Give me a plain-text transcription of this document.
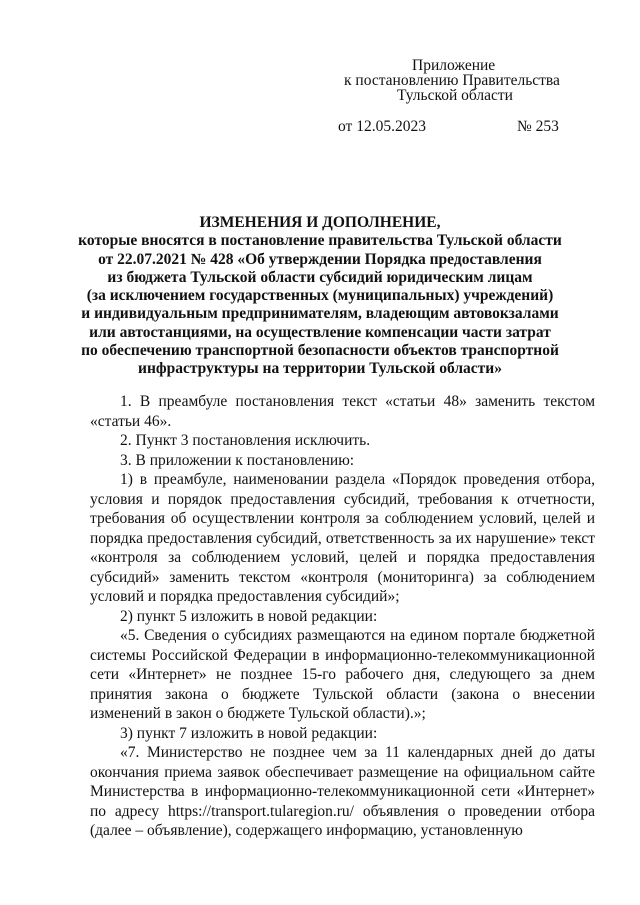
Приложение
к постановлению Правительства
Тульской области
от 12.05.2023	№ 253
ИЗМЕНЕНИЯ И ДОПОЛНЕНИЕ,
которые вносятся в постановление правительства Тульской области
от 22.07.2021 № 428 «Об утверждении Порядка предоставления
из бюджета Тульской области субсидий юридическим лицам
(за исключением государственных (муниципальных) учреждений)
и индивидуальным предпринимателям, владеющим автовокзалами
или автостанциями, на осуществление компенсации части затрат
по обеспечению транспортной безопасности объектов транспортной
инфраструктуры на территории Тульской области»

1. В преамбуле постановления текст «статьи 48» заменить текстом «статьи 46».

2. Пункт 3 постановления исключить.

3. В приложении к постановлению:

1) в преамбуле, наименовании раздела «Порядок проведения отбора, условия и порядок предоставления субсидий, требования к отчетности, требования об осуществлении контроля за соблюдением условий, целей и порядка предоставления субсидий, ответственность за их нарушение» текст «контроля за соблюдением условий, целей и порядка предоставления субсидий» заменить текстом «контроля (мониторинга) за соблюдением условий и порядка предоставления субсидий»;

2) пункт 5 изложить в новой редакции:

«5. Сведения о субсидиях размещаются на едином портале бюджетной системы Российской Федерации в информационно-телекоммуникационной сети «Интернет» не позднее 15-го рабочего дня, следующего за днем принятия закона о бюджете Тульской области (закона о внесении изменений в закон о бюджете Тульской области).»;

3) пункт 7 изложить в новой редакции:

«7. Министерство не позднее чем за 11 календарных дней до даты окончания приема заявок обеспечивает размещение на официальном сайте Министерства в информационно-телекоммуникационной сети «Интернет» по адресу https://transport.tularegion.ru/ объявления о проведении отбора (далее – объявление), содержащего информацию, установленную
